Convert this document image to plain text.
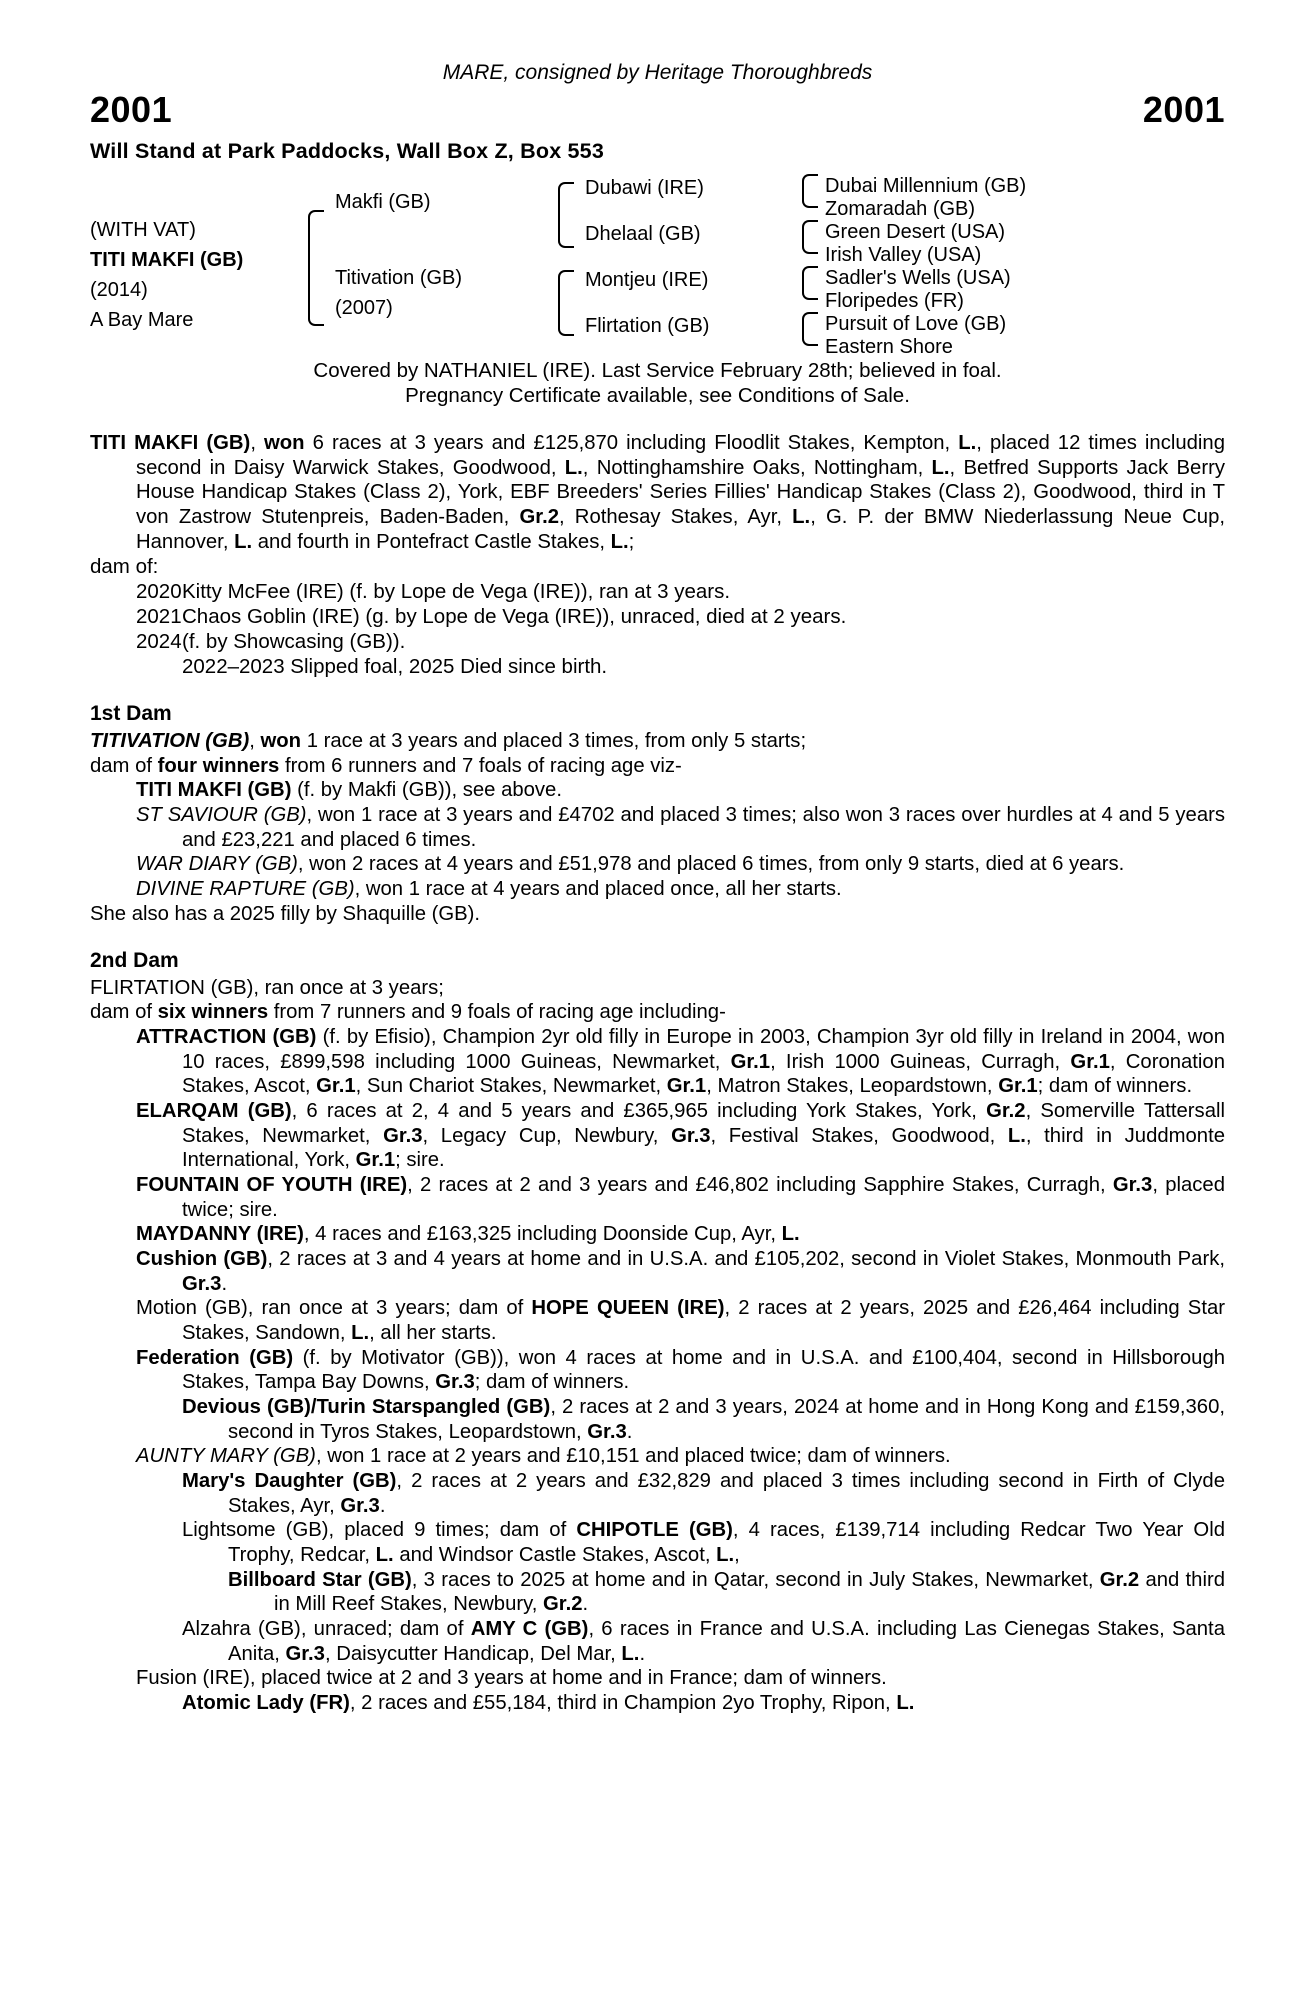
MARE, consigned by Heritage Thoroughbreds
2001	2001
Will Stand at Park Paddocks, Wall Box Z, Box 553
(WITH VAT)
TITI MAKFI (GB)
(2014)
A Bay Mare
Makfi (GB)
Titivation (GB)
(2007)
Dubawi (IRE)
Dhelaal (GB)
Montjeu (IRE)
Flirtation (GB)
Dubai Millennium (GB)
Zomaradah (GB)
Green Desert (USA)
Irish Valley (USA)
Sadler's Wells (USA)
Floripedes (FR)
Pursuit of Love (GB)
Eastern Shore
Covered by NATHANIEL (IRE). Last Service February 28th; believed in foal.
Pregnancy Certificate available, see Conditions of Sale.
TITI MAKFI (GB), won 6 races at 3 years and £125,870 including Floodlit Stakes, Kempton, L., placed 12 times including second in Daisy Warwick Stakes, Goodwood, L., Nottinghamshire Oaks, Nottingham, L., Betfred Supports Jack Berry House Handicap Stakes (Class 2), York, EBF Breeders' Series Fillies' Handicap Stakes (Class 2), Goodwood, third in T von Zastrow Stutenpreis, Baden-Baden, Gr.2, Rothesay Stakes, Ayr, L., G. P. der BMW Niederlassung Neue Cup, Hannover, L. and fourth in Pontefract Castle Stakes, L.;
dam of:
2020 Kitty McFee (IRE) (f. by Lope de Vega (IRE)), ran at 3 years.
2021 Chaos Goblin (IRE) (g. by Lope de Vega (IRE)), unraced, died at 2 years.
2024 (f. by Showcasing (GB)).
2022–2023 Slipped foal, 2025 Died since birth.
1st Dam
TITIVATION (GB), won 1 race at 3 years and placed 3 times, from only 5 starts;
dam of four winners from 6 runners and 7 foals of racing age viz-
TITI MAKFI (GB) (f. by Makfi (GB)), see above.
ST SAVIOUR (GB), won 1 race at 3 years and £4702 and placed 3 times; also won 3 races over hurdles at 4 and 5 years and £23,221 and placed 6 times.
WAR DIARY (GB), won 2 races at 4 years and £51,978 and placed 6 times, from only 9 starts, died at 6 years.
DIVINE RAPTURE (GB), won 1 race at 4 years and placed once, all her starts.
She also has a 2025 filly by Shaquille (GB).
2nd Dam
FLIRTATION (GB), ran once at 3 years;
dam of six winners from 7 runners and 9 foals of racing age including-
ATTRACTION (GB) (f. by Efisio), Champion 2yr old filly in Europe in 2003, Champion 3yr old filly in Ireland in 2004, won 10 races, £899,598 including 1000 Guineas, Newmarket, Gr.1, Irish 1000 Guineas, Curragh, Gr.1, Coronation Stakes, Ascot, Gr.1, Sun Chariot Stakes, Newmarket, Gr.1, Matron Stakes, Leopardstown, Gr.1; dam of winners.
ELARQAM (GB), 6 races at 2, 4 and 5 years and £365,965 including York Stakes, York, Gr.2, Somerville Tattersall Stakes, Newmarket, Gr.3, Legacy Cup, Newbury, Gr.3, Festival Stakes, Goodwood, L., third in Juddmonte International, York, Gr.1; sire.
FOUNTAIN OF YOUTH (IRE), 2 races at 2 and 3 years and £46,802 including Sapphire Stakes, Curragh, Gr.3, placed twice; sire.
MAYDANNY (IRE), 4 races and £163,325 including Doonside Cup, Ayr, L.
Cushion (GB), 2 races at 3 and 4 years at home and in U.S.A. and £105,202, second in Violet Stakes, Monmouth Park, Gr.3.
Motion (GB), ran once at 3 years; dam of HOPE QUEEN (IRE), 2 races at 2 years, 2025 and £26,464 including Star Stakes, Sandown, L., all her starts.
Federation (GB) (f. by Motivator (GB)), won 4 races at home and in U.S.A. and £100,404, second in Hillsborough Stakes, Tampa Bay Downs, Gr.3; dam of winners.
Devious (GB)/Turin Starspangled (GB), 2 races at 2 and 3 years, 2024 at home and in Hong Kong and £159,360, second in Tyros Stakes, Leopardstown, Gr.3.
AUNTY MARY (GB), won 1 race at 2 years and £10,151 and placed twice; dam of winners.
Mary's Daughter (GB), 2 races at 2 years and £32,829 and placed 3 times including second in Firth of Clyde Stakes, Ayr, Gr.3.
Lightsome (GB), placed 9 times; dam of CHIPOTLE (GB), 4 races, £139,714 including Redcar Two Year Old Trophy, Redcar, L. and Windsor Castle Stakes, Ascot, L.,
Billboard Star (GB), 3 races to 2025 at home and in Qatar, second in July Stakes, Newmarket, Gr.2 and third in Mill Reef Stakes, Newbury, Gr.2.
Alzahra (GB), unraced; dam of AMY C (GB), 6 races in France and U.S.A. including Las Cienegas Stakes, Santa Anita, Gr.3, Daisycutter Handicap, Del Mar, L..
Fusion (IRE), placed twice at 2 and 3 years at home and in France; dam of winners.
Atomic Lady (FR), 2 races and £55,184, third in Champion 2yo Trophy, Ripon, L.
